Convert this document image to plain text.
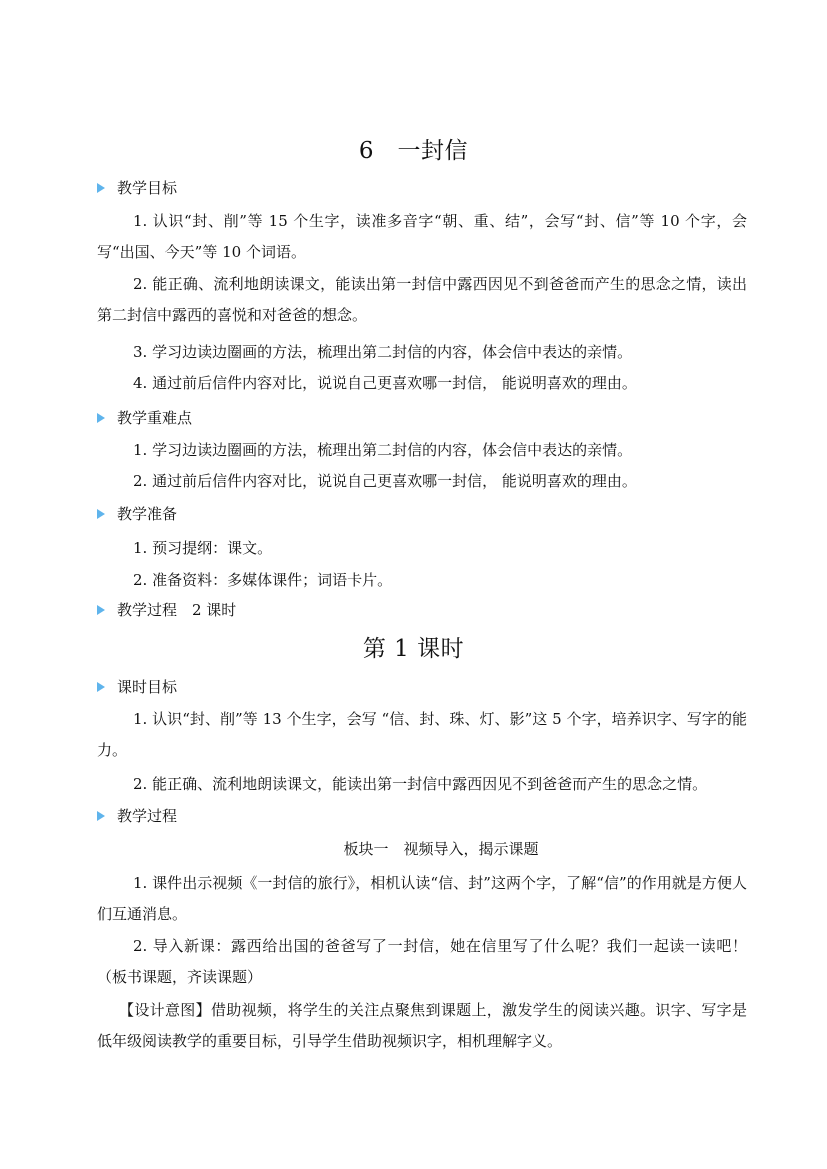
6　一封信
教学目标
1. 认识“封、削”等 15 个生字，读准多音字“朝、重、结”，会写“封、信”等 10 个字，会写“出国、今天”等 10 个词语。
2. 能正确、流利地朗读课文，能读出第一封信中露西因见不到爸爸而产生的思念之情，读出第二封信中露西的喜悦和对爸爸的想念。
3. 学习边读边圈画的方法，梳理出第二封信的内容，体会信中表达的亲情。
4. 通过前后信件内容对比，说说自己更喜欢哪一封信， 能说明喜欢的理由。
教学重难点
1. 学习边读边圈画的方法，梳理出第二封信的内容，体会信中表达的亲情。
2. 通过前后信件内容对比，说说自己更喜欢哪一封信， 能说明喜欢的理由。
教学准备
1. 预习提纲：课文。
2. 准备资料：多媒体课件；词语卡片。
教学过程　2 课时
第 1 课时
课时目标
1. 认识“封、削”等 13 个生字，会写 “信、封、珠、灯、影”这 5 个字，培养识字、写字的能力。
2. 能正确、流利地朗读课文，能读出第一封信中露西因见不到爸爸而产生的思念之情。
教学过程
板块一　视频导入，揭示课题
1. 课件出示视频《一封信的旅行》，相机认读“信、封”这两个字，了解“信”的作用就是方便人们互通消息。
2. 导入新课：露西给出国的爸爸写了一封信，她在信里写了什么呢？我们一起读一读吧！（板书课题，齐读课题）
【设计意图】借助视频，将学生的关注点聚焦到课题上，激发学生的阅读兴趣。识字、写字是低年级阅读教学的重要目标，引导学生借助视频识字，相机理解字义。
